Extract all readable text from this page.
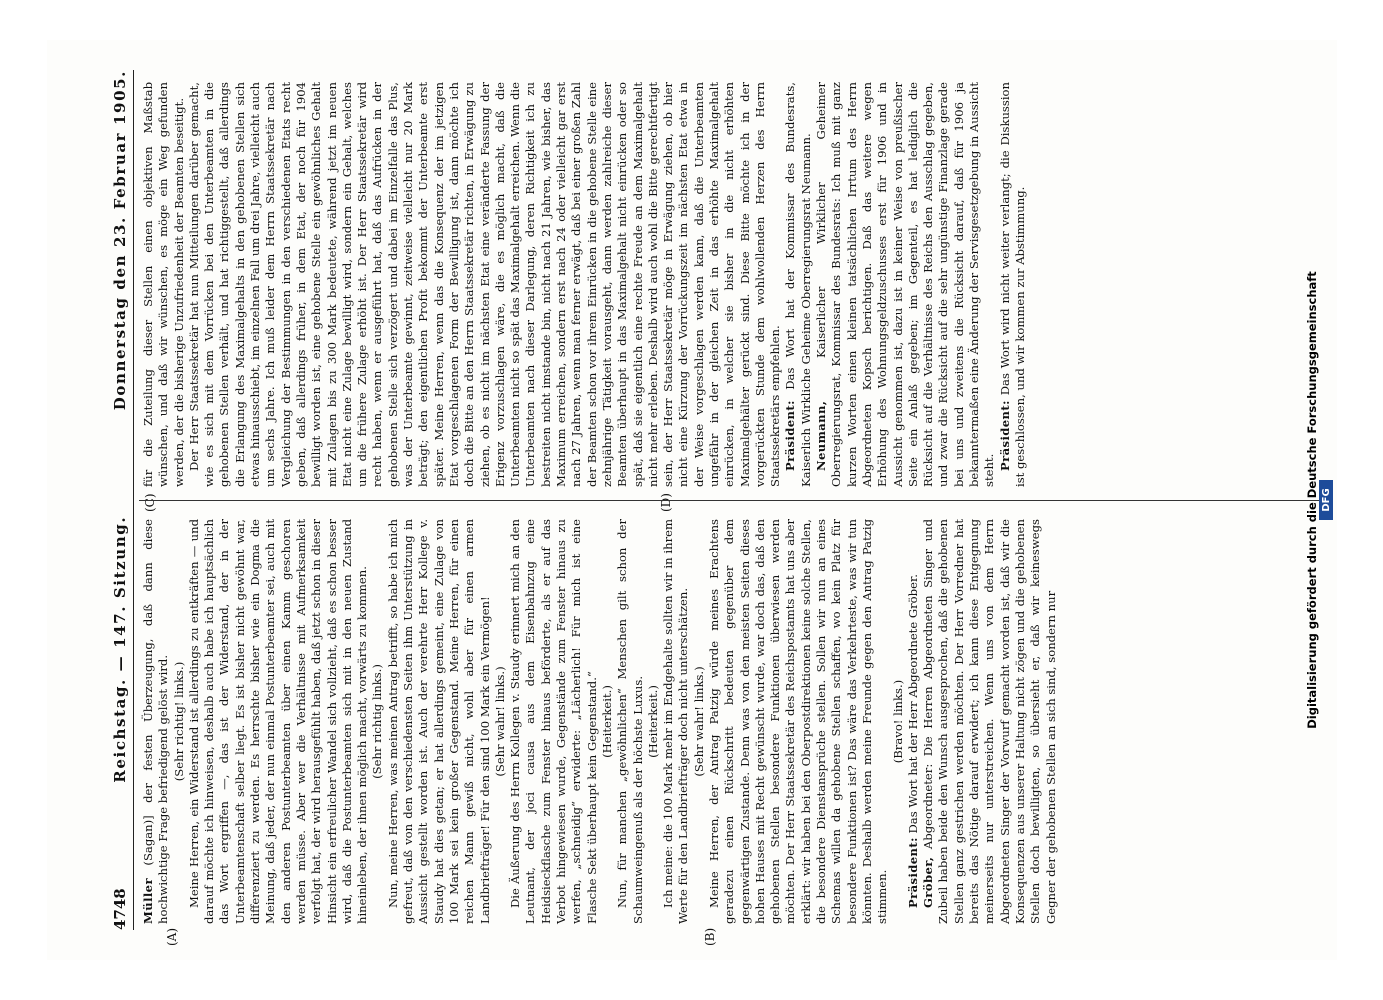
4748
Reichstag. — 147. Sitzung.
Donnerstag den 23. Februar 1905.
(A)	(B)
(C)	(D)

Müller (Sagan)] der festen Überzeugung, daß dann diese hochwichtige Frage befriedigend gelöst wird. (Sehr richtig! links.) Meine Herren, ein Widerstand ist allerdings zu entkräften — und darauf möchte ich hinweisen, deshalb auch habe ich hauptsächlich das Wort ergriffen —, das ist der Widerstand, der in der Unterbeamtenschaft selber liegt. Es ist bisher nicht gewöhnt war, differenziert zu werden. Es herrschte bisher wie ein Dogma die Meinung, daß jeder, der nun einmal Postunterbeamter sei, auch mit den anderen Postunterbeamten über einen Kamm geschoren werden müsse. Aber wer die Verhältnisse mit Aufmerksamkeit verfolgt hat, der wird herausgefühlt haben, daß jetzt schon in dieser Hinsicht ein erfreulicher Wandel sich vollzieht, daß es schon besser wird, daß die Postunterbeamten sich mit in den neuen Zustand hineinleben, der ihnen möglich macht, vorwärts zu kommen. (Sehr richtig links.) Nun, meine Herren, was meinen Antrag betrifft, so habe ich mich gefreut, daß von den verschiedensten Seiten ihm Unterstützung in Aussicht gestellt worden ist. Auch der verehrte Herr Kollege v. Staudy hat dies getan; er hat allerdings gemeint, eine Zulage von 100 Mark sei kein großer Gegenstand. Meine Herren, für einen reichen Mann gewiß nicht, wohl aber für einen armen Landbriefträger! Für den sind 100 Mark ein Vermögen! (Sehr wahr! links.) Die Äußerung des Herrn Kollegen v. Staudy erinnert mich an den Leutnant, der joci causa aus dem Eisenbahnzug eine Heidsieckflasche zum Fenster hinaus beförderte, als er auf das Verbot hingewiesen wurde, Gegenstände zum Fenster hinaus zu werfen, „schneidig“ erwiderte: „Lächerlich! Für mich ist eine Flasche Sekt überhaupt kein Gegenstand.“ (Heiterkeit.) Nun, für manchen „gewöhnlichen“ Menschen gilt schon der Schaumweingenuß als der höchste Luxus. (Heiterkeit.) Ich meine: die 100 Mark mehr im Endgehalte sollten wir in ihrem Werte für den Landbriefträger doch nicht unterschätzen. (Sehr wahr! links.) Meine Herren, der Antrag Patzig würde meines Erachtens geradezu einen Rückschritt bedeuten gegenüber dem gegenwärtigen Zustande. Denn was von den meisten Seiten dieses hohen Hauses mit Recht gewünscht wurde, war doch das, daß den gehobenen Stellen besondere Funktionen überwiesen werden möchten. Der Herr Staatssekretär des Reichspostamts hat uns aber erklärt: wir haben bei den Oberpostdirektionen keine solche Stellen, die besondere Dienstansprüche stellen. Sollen wir nun an eines Schemas willen da gehobene Stellen schaffen, wo kein Platz für besondere Funktionen ist? Das wäre das Verkehrteste, was wir tun könnten. Deshalb werden meine Freunde gegen den Antrag Patzig stimmen.

(Bravo! links.)

Präsident: Das Wort hat der Herr Abgeordnete Gröber.

Gröber, Abgeordneter: Die Herren Abgeordneten Singer und Zubeil haben beide den Wunsch ausgesprochen, daß die gehobenen Stellen ganz gestrichen werden möchten. Der Herr Vorredner hat bereits das Nötige darauf erwidert; ich kann diese Entgegnung meinerseits nur unterstreichen. Wenn uns von dem Herrn Abgeordneten Singer der Vorwurf gemacht worden ist, daß wir die Konsequenzen aus unserer Haltung nicht zögen und die gehobenen Stellen doch bewilligten, so übersieht er, daß wir keineswegs Gegner der gehobenen Stellen an sich sind, sondern nur

für die Zuteilung dieser Stellen einen objektiven Maßstab wünschen, und daß wir wünschen, es möge ein Weg gefunden werden, der die bisherige Unzufriedenheit der Beamten beseitigt. Der Herr Staatssekretär hat nun Mitteilungen darüber gemacht, wie es sich mit dem Vorrücken bei den Unterbeamten in die gehobenen Stellen verhält, und hat richtiggestellt, daß allerdings die Erlangung des Maximalgehalts in den gehobenen Stellen sich etwas hinausschiebt, im einzelnen Fall um drei Jahre, vielleicht auch um sechs Jahre. Ich muß leider dem Herrn Staatssekretär nach Vergleichung der Bestimmungen in den verschiedenen Etats recht geben, daß allerdings früher, in dem Etat, der noch für 1904 bewilligt worden ist, eine gehobene Stelle ein gewöhnliches Gehalt mit Zulagen bis zu 300 Mark bedeutete, während jetzt im neuen Etat nicht eine Zulage bewilligt wird, sondern ein Gehalt, welches um die frühere Zulage erhöht ist. Der Herr Staatssekretär wird recht haben, wenn er ausgeführt hat, daß das Aufrücken in der gehobenen Stelle sich verzögert und dabei im Einzelfalle das Plus, was der Unterbeamte gewinnt, zeitweise vielleicht nur 20 Mark beträgt; den eigentlichen Profit bekommt der Unterbeamte erst später. Meine Herren, wenn das die Konsequenz der im jetzigen Etat vorgeschlagenen Form der Bewilligung ist, dann möchte ich doch die Bitte an den Herrn Staatssekretär richten, in Erwägung zu ziehen, ob es nicht im nächsten Etat eine veränderte Fassung der Erigenz vorzuschlagen wäre, die es möglich macht, daß die Unterbeamten nicht so spät das Maximalgehalt erreichen. Wenn die Unterbeamten nach dieser Darlegung, deren Richtigkeit ich zu bestreiten nicht imstande bin, nicht nach 21 Jahren, wie bisher, das Maximum erreichen, sondern erst nach 24 oder vielleicht gar erst nach 27 Jahren, wenn man ferner erwägt, daß bei einer großen Zahl der Beamten schon vor ihrem Einrücken in die gehobene Stelle eine zehnjährige Tätigkeit vorausgeht, dann werden zahlreiche dieser Beamten überhaupt in das Maximalgehalt nicht einrücken oder so spät, daß sie eigentlich eine rechte Freude an dem Maximalgehalt nicht mehr erleben. Deshalb wird auch wohl die Bitte gerechtfertigt sein, der Herr Staatssekretär möge in Erwägung ziehen, ob hier nicht eine Kürzung der Vorrückungszeit im nächsten Etat etwa in der Weise vorgeschlagen werden kann, daß die Unterbeamten ungefähr in der gleichen Zeit in das erhöhte Maximalgehalt einrücken, in welcher sie bisher in die nicht erhöhten Maximalgehälter gerückt sind. Diese Bitte möchte ich in der vorgerückten Stunde dem wohlwollenden Herzen des Herrn Staatssekretärs empfehlen. Präsident: Das Wort hat der Kommissar des Bundesrats, Kaiserlich Wirkliche Geheime Oberregierungsrat Neumann. Neumann, Kaiserlicher Wirklicher Geheimer Oberregierungsrat, Kommissar des Bundesrats: Ich muß mit ganz kurzen Worten einen kleinen tatsächlichen Irrtum des Herrn Abgeordneten Kopsch berichtigen. Daß das weitere wegen Erhöhung des Wohnungsgeldzuschusses erst für 1906 und in Aussicht genommen ist, dazu ist in keiner Weise von preußischer Seite ein Anlaß gegeben; im Gegenteil, es hat lediglich die Rücksicht auf die Verhältnisse des Reichs den Ausschlag gegeben, und zwar die Rücksicht auf die sehr ungünstige Finanzlage gerade bei uns und zweitens die Rücksicht darauf, daß für 1906 ja bekanntermaßen eine Änderung der Servisgesetzgebung in Aussicht steht. Präsident: Das Wort wird nicht weiter verlangt; die Diskussion ist geschlossen, und wir kommen zur Abstimmung.	Digitalisierung gefördert durch die Deutsche Forschungsgemeinschaft DFG
